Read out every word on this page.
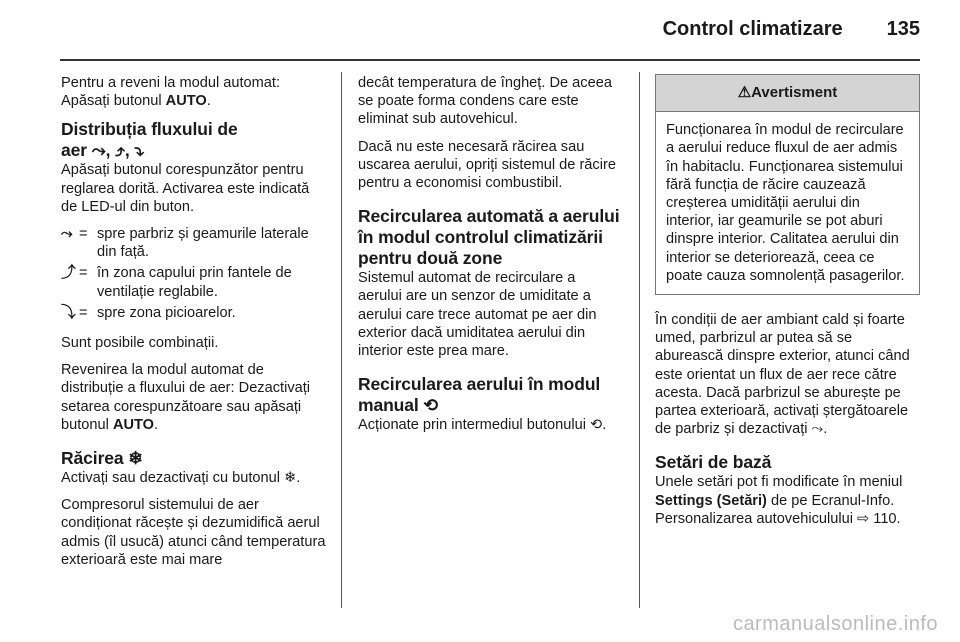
Control climatizare 135

Pentru a reveni la modul automat:
Apăsați butonul AUTO.

Distribuția fluxului de
aer ⤳, ⤴, ⤵

Apăsați butonul corespunzător pentru reglarea dorită. Activarea este indicată de LED-ul din buton.

⤳ = spre parbriz și geamurile laterale din față.
⤴ = în zona capului prin fantele de ventilație reglabile.
⤵ = spre zona picioarelor.

Sunt posibile combinații.

Revenirea la modul automat de distribuție a fluxului de aer: Dezactivați setarea corespunzătoare sau apăsați butonul AUTO.

Răcirea ❄

Activați sau dezactivați cu butonul ❄.

Compresorul sistemului de aer condiționat răcește și dezumidifică aerul admis (îl usucă) atunci când temperatura exterioară este mai mare

decât temperatura de îngheț. De aceea se poate forma condens care este eliminat sub autovehicul.

Dacă nu este necesară răcirea sau uscarea aerului, opriți sistemul de răcire pentru a economisi combustibil.

Recircularea automată a aerului în modul controlul climatizării pentru două zone

Sistemul automat de recirculare a aerului are un senzor de umiditate a aerului care trece automat pe aer din exterior dacă umiditatea aerului din interior este prea mare.

Recircularea aerului în modul manual ⟲

Acționate prin intermediul butonului ⟲.

⚠Avertisment
Funcționarea în modul de recirculare a aerului reduce fluxul de aer admis în habitaclu. Funcționarea sistemului fără funcția de răcire cauzează creșterea umidității aerului din interior, iar geamurile se pot aburi dinspre interior. Calitatea aerului din interior se deteriorează, ceea ce poate cauza somnolență pasagerilor.

În condiții de aer ambiant cald și foarte umed, parbrizul ar putea să se aburească dinspre exterior, atunci când este orientat un flux de aer rece către acesta. Dacă parbrizul se aburește pe partea exterioară, activați ștergătoarele de parbriz și dezactivați ⤳.

Setări de bază

Unele setări pot fi modificate în meniul Settings (Setări) de pe Ecranul-Info. Personalizarea autovehiculului ⇨ 110.

carmanualsonline.info
